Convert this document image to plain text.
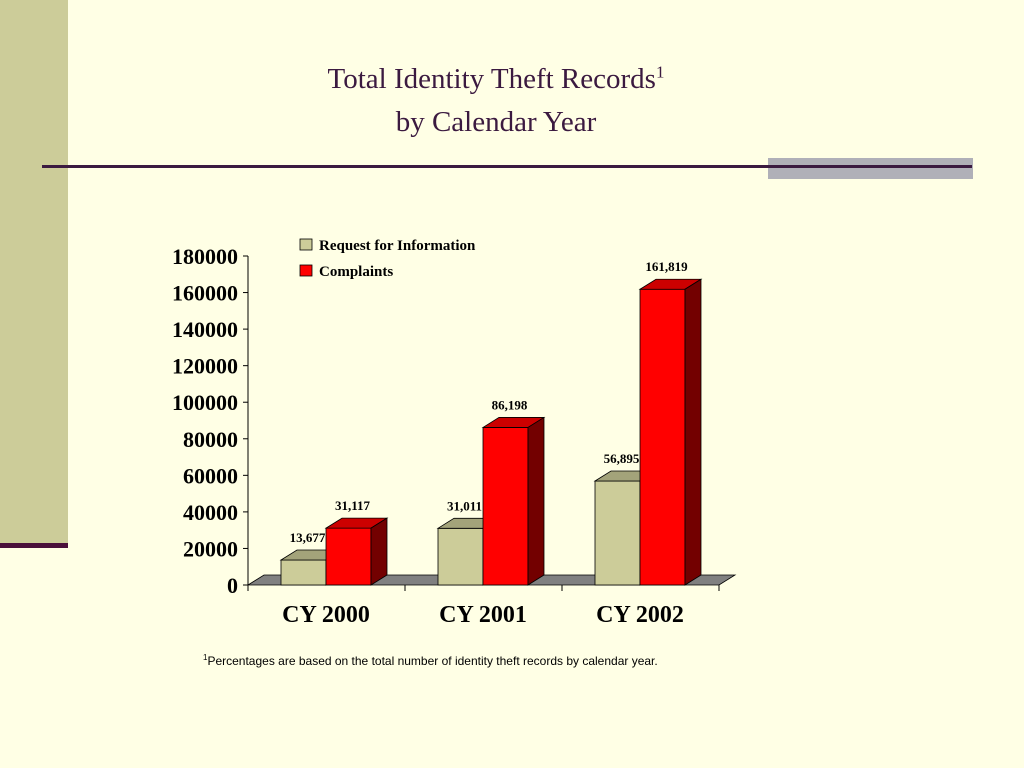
Total Identity Theft Records$^1$
by Calendar Year
0
20000
40000
60000
80000
100000
120000
140000
160000
180000
13,677
31,117
CY 2000
31,011
86,198
CY 2001
56,895
161,819
CY 2002
Request for Information
Complaints
$^1$Percentages are based on the total number of identity theft records by calendar year.
